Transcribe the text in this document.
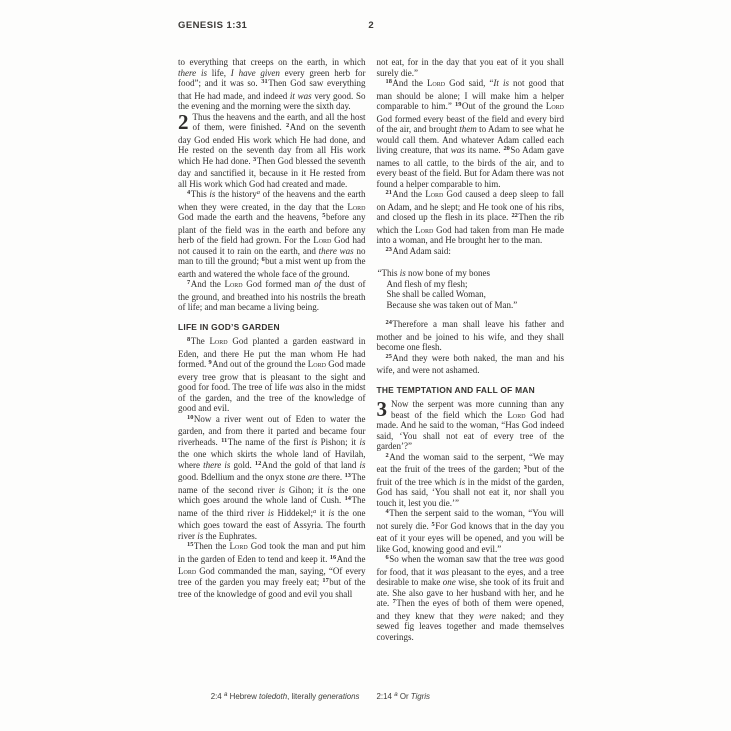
GENESIS 1:31	2

to everything that creeps on the earth, in which there is life, I have given every green herb for food”; and it was so. $^{31}$Then God saw everything that He had made, and indeed it was very good. So the evening and the morning were the sixth day.

2 Thus the heavens and the earth, and all the host of them, were finished. $^2$And on the seventh day God ended His work which He had done, and He rested on the seventh day from all His work which He had done. $^3$Then God blessed the seventh day and sanctified it, because in it He rested from all His work which God had created and made.

$^4$This is the history$^a$ of the heavens and the earth when they were created, in the day that the Lord God made the earth and the heavens, $^5$before any plant of the field was in the earth and before any herb of the field had grown. For the Lord God had not caused it to rain on the earth, and there was no man to till the ground; $^6$but a mist went up from the earth and watered the whole face of the ground.

$^7$And the Lord God formed man of the dust of the ground, and breathed into his nostrils the breath of life; and man became a living being.

LIFE IN GOD’S GARDEN

$^8$The Lord God planted a garden eastward in Eden, and there He put the man whom He had formed. $^9$And out of the ground the Lord God made every tree grow that is pleasant to the sight and good for food. The tree of life was also in the midst of the garden, and the tree of the knowledge of good and evil.

$^{10}$Now a river went out of Eden to water the garden, and from there it parted and became four riverheads. $^{11}$The name of the first is Pishon; it is the one which skirts the whole land of Havilah, where there is gold. $^{12}$And the gold of that land is good. Bdellium and the onyx stone are there. $^{13}$The name of the second river is Gihon; it is the one which goes around the whole land of Cush. $^{14}$The name of the third river is Hiddekel;$^a$ it is the one which goes toward the east of Assyria. The fourth river is the Euphrates.

$^{15}$Then the Lord God took the man and put him in the garden of Eden to tend and keep it. $^{16}$And the Lord God commanded the man, saying, “Of every tree of the garden you may freely eat; $^{17}$but of the tree of the knowledge of good and evil you shall

not eat, for in the day that you eat of it you shall surely die.”

$^{18}$And the Lord God said, “It is not good that man should be alone; I will make him a helper comparable to him.” $^{19}$Out of the ground the Lord God formed every beast of the field and every bird of the air, and brought them to Adam to see what he would call them. And whatever Adam called each living creature, that was its name. $^{20}$So Adam gave names to all cattle, to the birds of the air, and to every beast of the field. But for Adam there was not found a helper comparable to him.

$^{21}$And the Lord God caused a deep sleep to fall on Adam, and he slept; and He took one of his ribs, and closed up the flesh in its place. $^{22}$Then the rib which the Lord God had taken from man He made into a woman, and He brought her to the man.

$^{23}$And Adam said:

“This is now bone of my bones
And flesh of my flesh;
She shall be called Woman,
Because she was taken out of Man.”

$^{24}$Therefore a man shall leave his father and mother and be joined to his wife, and they shall become one flesh.

$^{25}$And they were both naked, the man and his wife, and were not ashamed.

THE TEMPTATION AND FALL OF MAN

3 Now the serpent was more cunning than any beast of the field which the Lord God had made. And he said to the woman, “Has God indeed said, ‘You shall not eat of every tree of the garden’?”

$^2$And the woman said to the serpent, “We may eat the fruit of the trees of the garden; $^3$but of the fruit of the tree which is in the midst of the garden, God has said, ‘You shall not eat it, nor shall you touch it, lest you die.’”

$^4$Then the serpent said to the woman, “You will not surely die. $^5$For God knows that in the day you eat of it your eyes will be opened, and you will be like God, knowing good and evil.”

$^6$So when the woman saw that the tree was good for food, that it was pleasant to the eyes, and a tree desirable to make one wise, she took of its fruit and ate. She also gave to her husband with her, and he ate. $^7$Then the eyes of both of them were opened, and they knew that they were naked; and they sewed fig leaves together and made themselves coverings.

2:4 $^a$ Hebrew toledoth, literally generations	2:14 $^a$ Or Tigris
